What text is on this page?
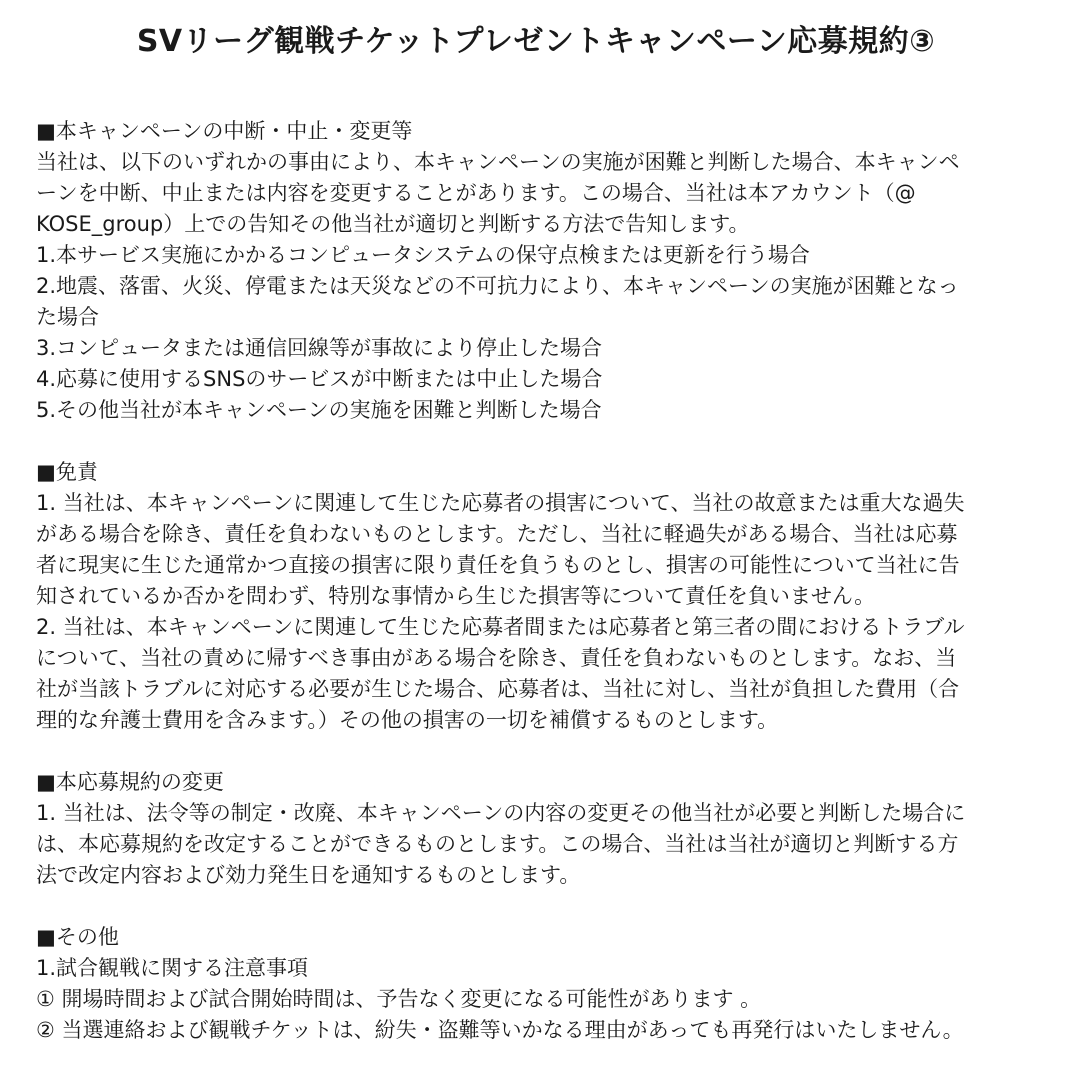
SVリーグ観戦チケットプレゼントキャンペーン応募規約③

■本キャンペーンの中断・中止・変更等

当社は、以下のいずれかの事由により、本キャンペーンの実施が困難と判断した場合、本キャンペ

ーンを中断、中止または内容を変更することがあります。この場合、当社は本アカウント（@

KOSE_group）上での告知その他当社が適切と判断する方法で告知します。

1.本サービス実施にかかるコンピュータシステムの保守点検または更新を行う場合

2.地震、落雷、火災、停電または天災などの不可抗力により、本キャンペーンの実施が困難となっ

た場合

3.コンピュータまたは通信回線等が事故により停止した場合

4.応募に使用するSNSのサービスが中断または中止した場合

5.その他当社が本キャンペーンの実施を困難と判断した場合

■免責

1. 当社は、本キャンペーンに関連して生じた応募者の損害について、当社の故意または重大な過失

がある場合を除き、責任を負わないものとします。ただし、当社に軽過失がある場合、当社は応募

者に現実に生じた通常かつ直接の損害に限り責任を負うものとし、損害の可能性について当社に告

知されているか否かを問わず、特別な事情から生じた損害等について責任を負いません。

2. 当社は、本キャンペーンに関連して生じた応募者間または応募者と第三者の間におけるトラブル

について、当社の責めに帰すべき事由がある場合を除き、責任を負わないものとします。なお、当

社が当該トラブルに対応する必要が生じた場合、応募者は、当社に対し、当社が負担した費用（合

理的な弁護士費用を含みます。）その他の損害の一切を補償するものとします。

■本応募規約の変更

1. 当社は、法令等の制定・改廃、本キャンペーンの内容の変更その他当社が必要と判断した場合に

は、本応募規約を改定することができるものとします。この場合、当社は当社が適切と判断する方

法で改定内容および効力発生日を通知するものとします。

■その他

1.試合観戦に関する注意事項

① 開場時間および試合開始時間は、予告なく変更になる可能性があります 。

② 当選連絡および観戦チケットは、紛失・盗難等いかなる理由があっても再発行はいたしません。
